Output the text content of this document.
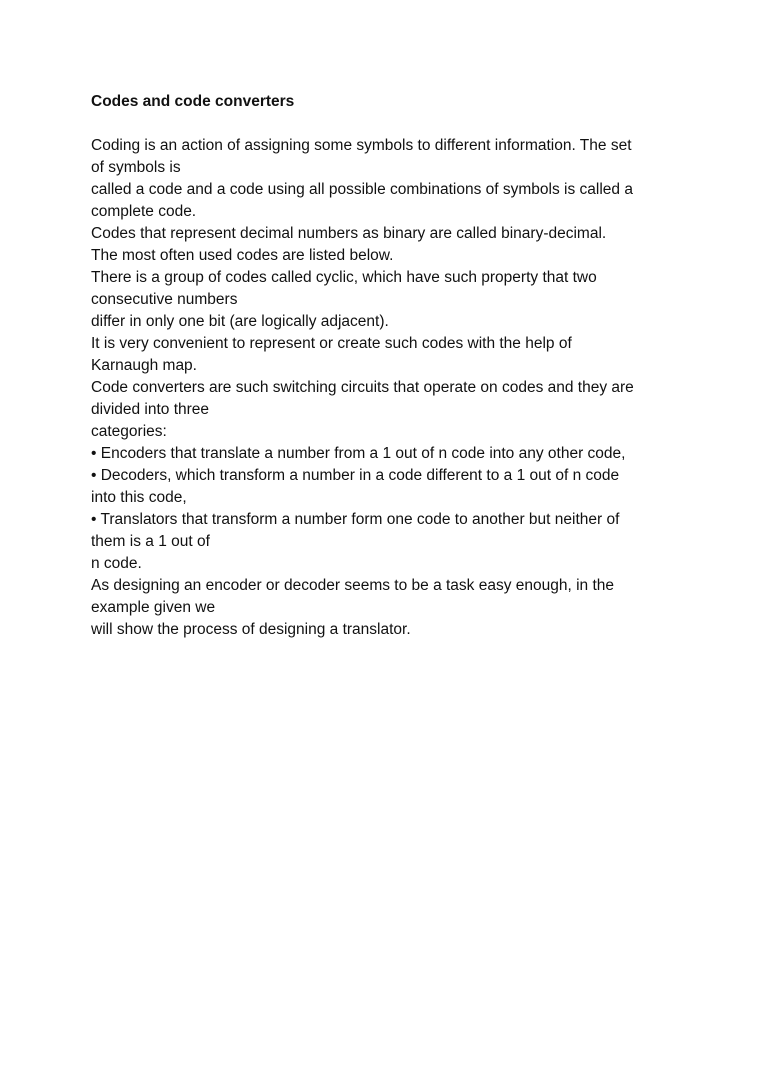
Codes and code converters

Coding is an action of assigning some symbols to different information. The set

of symbols is

called a code and a code using all possible combinations of symbols is called a

complete code.

Codes that represent decimal numbers as binary are called binary-decimal.

The most often used codes are listed below.

There is a group of codes called cyclic, which have such property that two

consecutive numbers

differ in only one bit (are logically adjacent).

It is very convenient to represent or create such codes with the help of

Karnaugh map.

Code converters are such switching circuits that operate on codes and they are

divided into three

categories:

• Encoders that translate a number from a 1 out of n code into any other code,

• Decoders, which transform a number in a code different to a 1 out of n code

into this code,

• Translators that transform a number form one code to another but neither of

them is a 1 out of

n code.

As designing an encoder or decoder seems to be a task easy enough, in the

example given we

will show the process of designing a translator.
